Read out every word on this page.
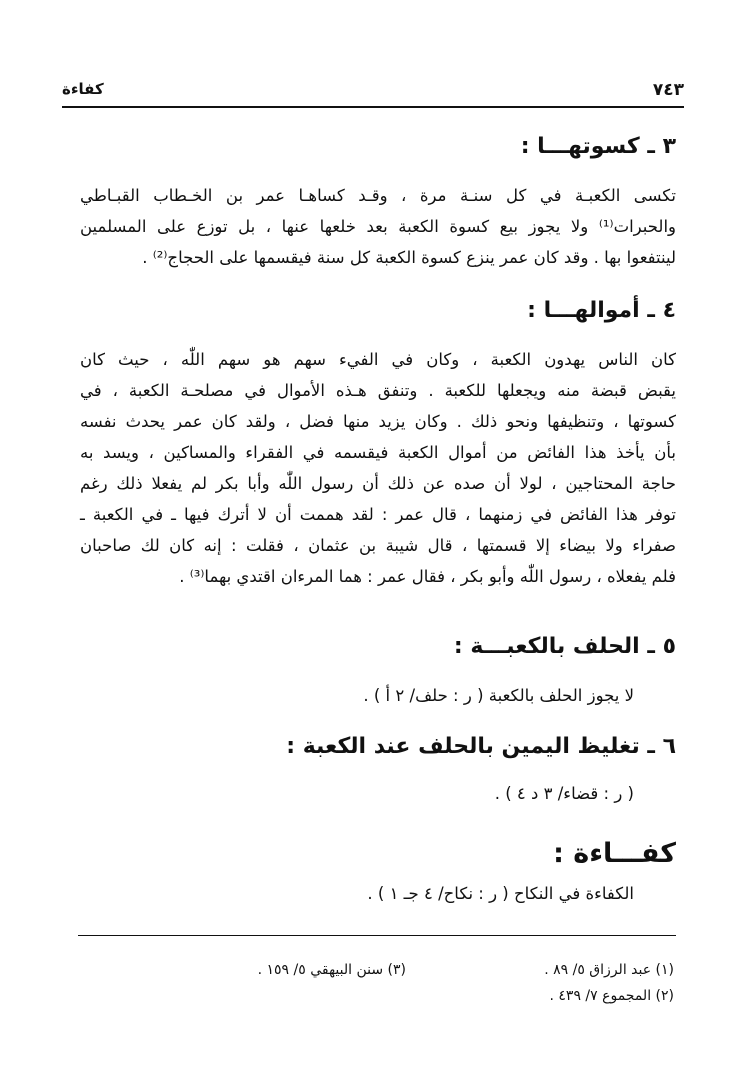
٧٤٣
كفاءة
٣ ـ كسوتهـــا :
تكسى الكعبـة في كل سنـة مرة ، وقـد كساهـا عمر بن الخـطاب القبـاطي
والحبرات⁽¹⁾ ولا يجوز بيع كسوة الكعبة بعد خلعها عنها ، بل توزع على المسلمين
لينتفعوا بها . وقد كان عمر ينزع كسوة الكعبة كل سنة فيقسمها على الحجاج⁽²⁾ .
٤ ـ أموالهـــا :
كان الناس يهدون الكعبة ، وكان في الفيء سهم هو سهم اللّٰه ، حيث كان
يقبض قبضة منه ويجعلها للكعبة . وتنفق هـذه الأموال في مصلحـة الكعبة ، في
كسوتها ، وتنظيفها ونحو ذلك . وكان يزيد منها فضل ، ولقد كان عمر يحدث نفسه
بأن يأخذ هذا الفائض من أموال الكعبة فيقسمه في الفقراء والمساكين ، ويسد به
حاجة المحتاجين ، لولا أن صده عن ذلك أن رسول اللّٰه وأبا بكر لم يفعلا ذلك رغم
توفر هذا الفائض في زمنهما ، قال عمر : لقد هممت أن لا أترك فيها ـ في الكعبة ـ
صفراء ولا بيضاء إلا قسمتها ، قال شيبة بن عثمان ، فقلت : إنه كان لك صاحبان
فلم يفعلاه ، رسول اللّٰه وأبو بكر ، فقال عمر : هما المرءان اقتدي بهما⁽³⁾ .
٥ ـ الحلف بالكعبـــة :
لا يجوز الحلف بالكعبة ( ر : حلف/ ٢ أ ) .
٦ ـ تغليظ اليمين بالحلف عند الكعبة :
( ر : قضاء/ ٣ د ٤ ) .
كفـــاءة :
الكفاءة في النكاح ( ر : نكاح/ ٤ جـ ١ ) .
(١) عبد الرزاق ٥/ ٨٩ .
(٢) المجموع ٧/ ٤٣٩ .
(٣) سنن البيهقي ٥/ ١٥٩ .
